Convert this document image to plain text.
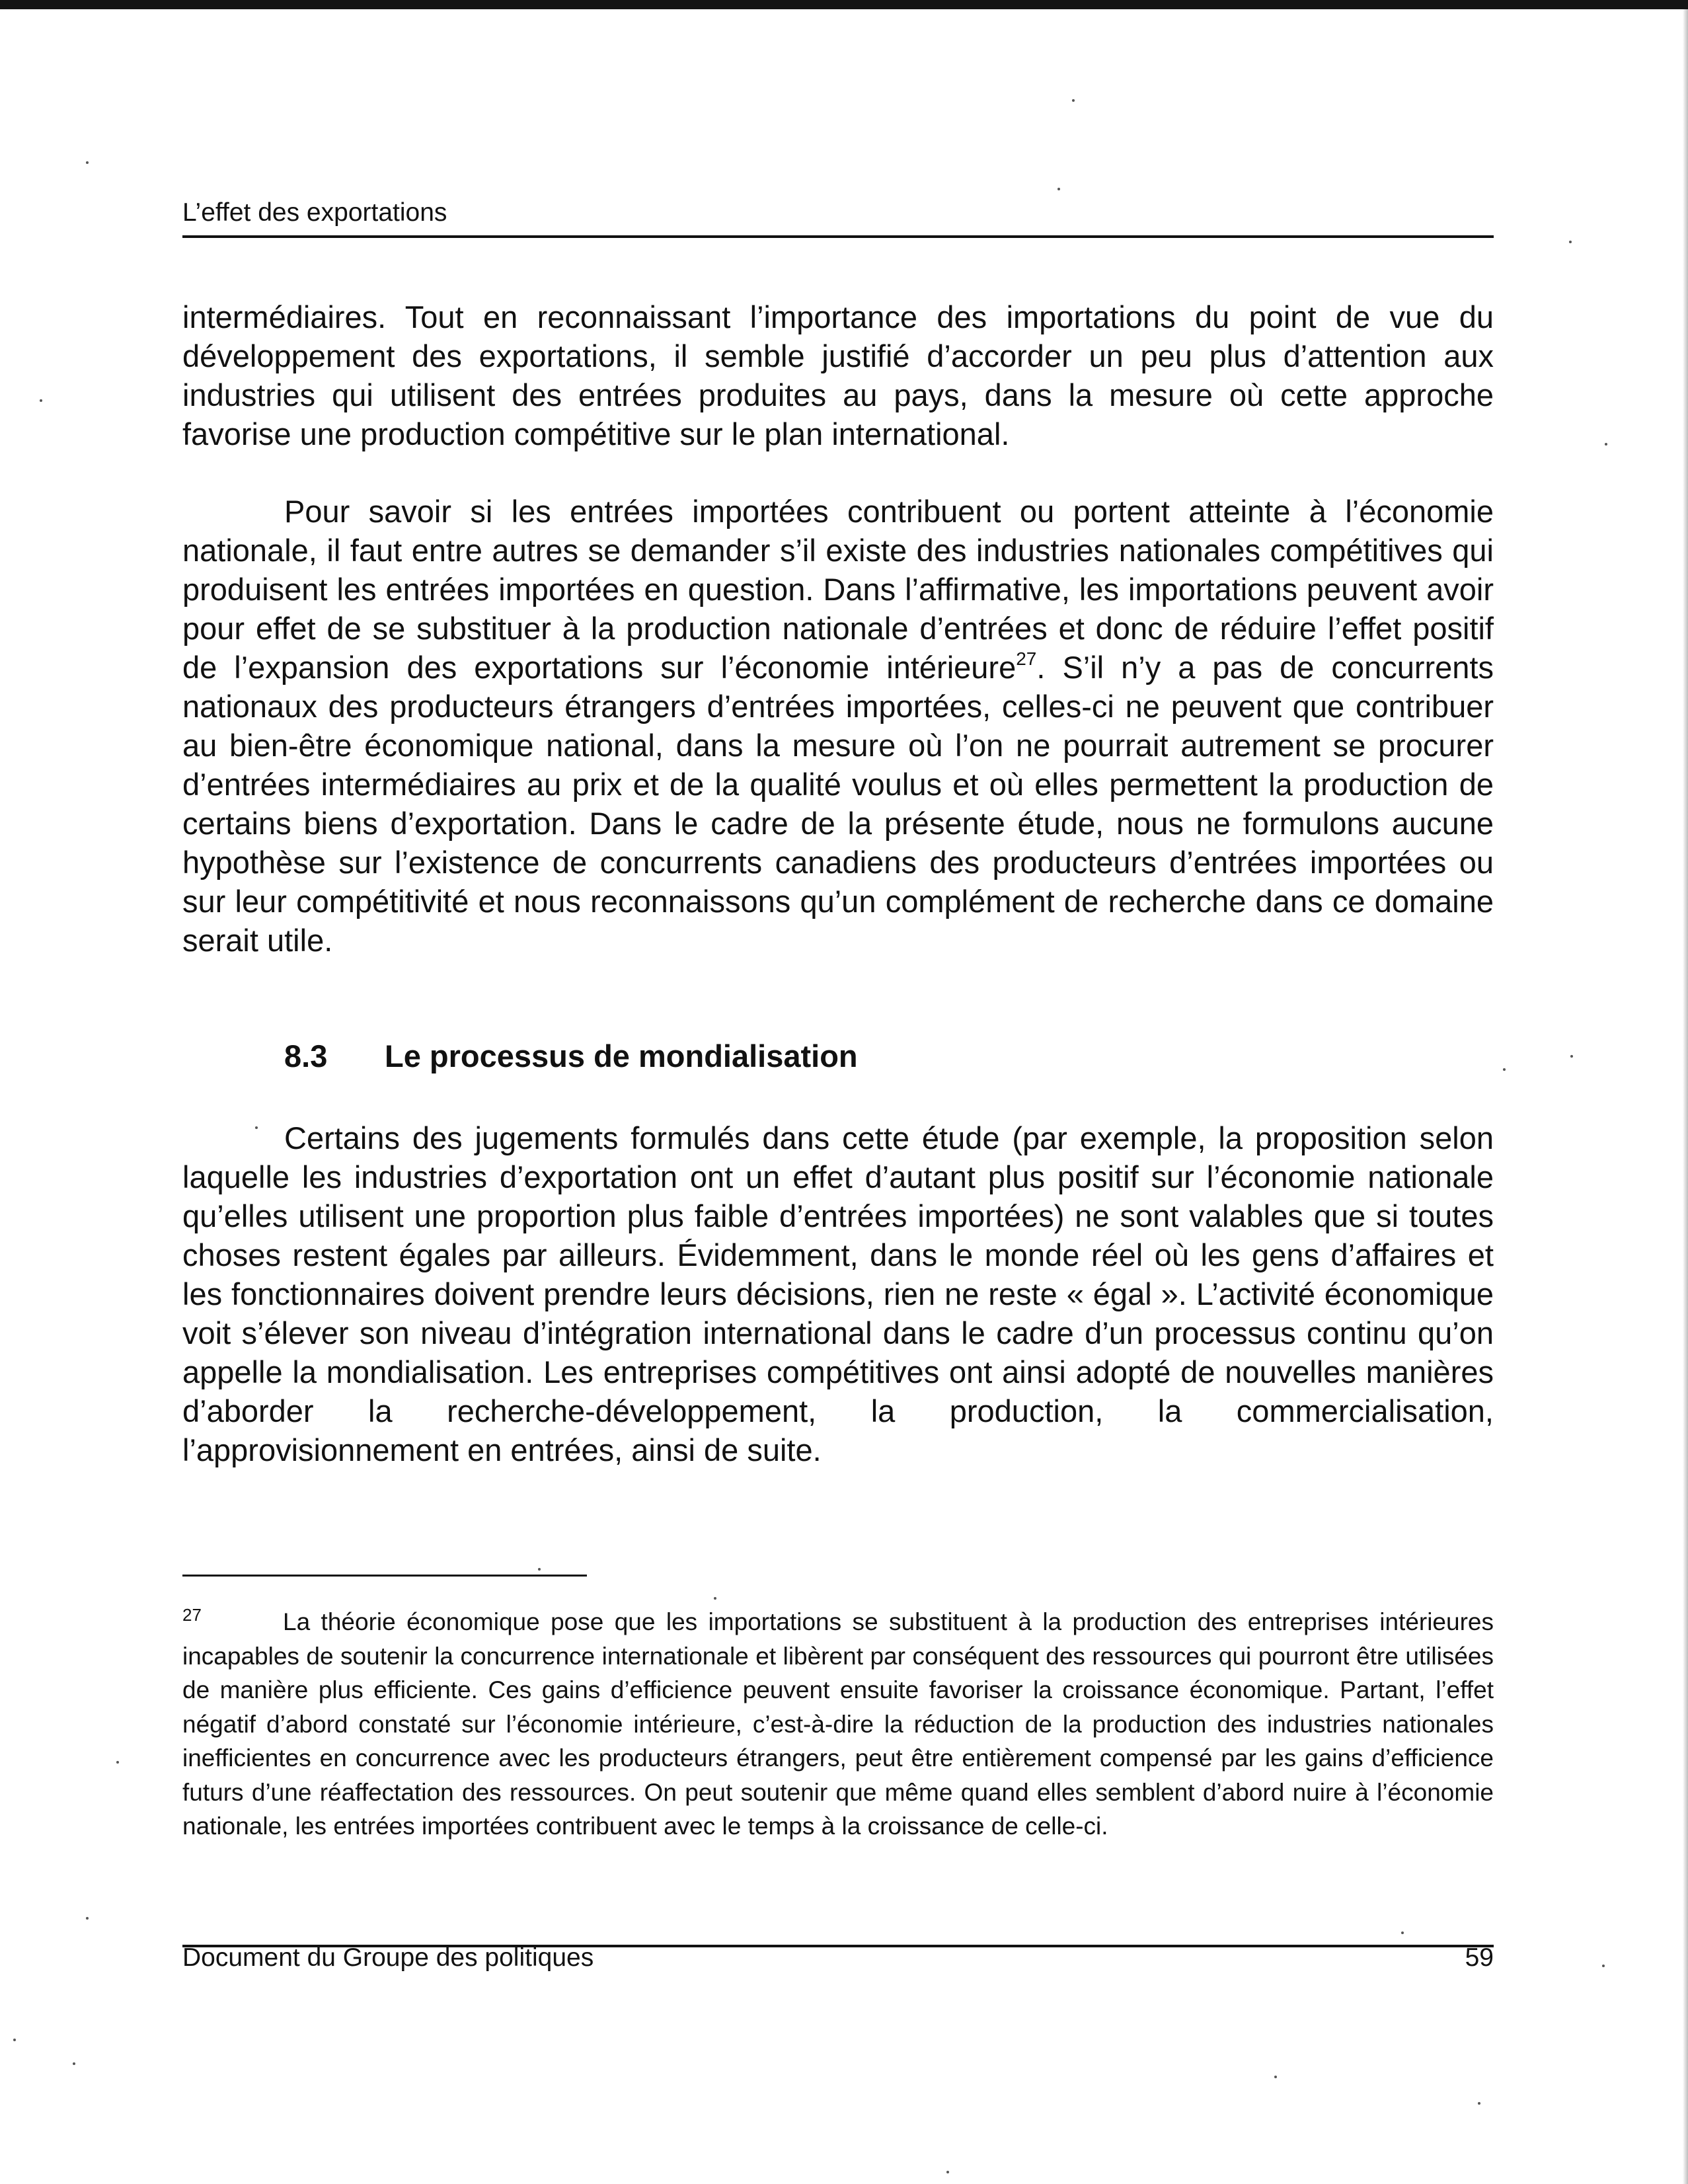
L’effet des exportations

intermédiaires. Tout en reconnaissant l’importance des importations du point de vue du développement des exportations, il semble justifié d’accorder un peu plus d’attention aux industries qui utilisent des entrées produites au pays, dans la mesure où cette approche favorise une production compétitive sur le plan international.

Pour savoir si les entrées importées contribuent ou portent atteinte à l’économie nationale, il faut entre autres se demander s’il existe des industries nationales compétitives qui produisent les entrées importées en question. Dans l’affirmative, les importations peuvent avoir pour effet de se substituer à la production nationale d’entrées et donc de réduire l’effet positif de l’expansion des exportations sur l’économie intérieure$^{27}$. S’il n’y a pas de concurrents nationaux des producteurs étrangers d’entrées importées, celles-ci ne peuvent que contribuer au bien-être économique national, dans la mesure où l’on ne pourrait autrement se procurer d’entrées intermédiaires au prix et de la qualité voulus et où elles permettent la production de certains biens d’exportation. Dans le cadre de la présente étude, nous ne formulons aucune hypothèse sur l’existence de concurrents canadiens des producteurs d’entrées importées ou sur leur compétitivité et nous reconnaissons qu’un complément de recherche dans ce domaine serait utile.

8.3 Le processus de mondialisation

Certains des jugements formulés dans cette étude (par exemple, la proposition selon laquelle les industries d’exportation ont un effet d’autant plus positif sur l’économie nationale qu’elles utilisent une proportion plus faible d’entrées importées) ne sont valables que si toutes choses restent égales par ailleurs. Évidemment, dans le monde réel où les gens d’affaires et les fonctionnaires doivent prendre leurs décisions, rien ne reste « égal ». L’activité économique voit s’élever son niveau d’intégration international dans le cadre d’un processus continu qu’on appelle la mondialisation. Les entreprises compétitives ont ainsi adopté de nouvelles manières d’aborder la recherche-développement, la production, la commercialisation, l’approvisionnement en entrées, ainsi de suite.

$^{27}$	La théorie économique pose que les importations se substituent à la production des entreprises intérieures incapables de soutenir la concurrence internationale et libèrent par conséquent des ressources qui pourront être utilisées de manière plus efficiente. Ces gains d’efficience peuvent ensuite favoriser la croissance économique. Partant, l’effet négatif d’abord constaté sur l’économie intérieure, c’est-à-dire la réduction de la production des industries nationales inefficientes en concurrence avec les producteurs étrangers, peut être entièrement compensé par les gains d’efficience futurs d’une réaffectation des ressources. On peut soutenir que même quand elles semblent d’abord nuire à l’économie nationale, les entrées importées contribuent avec le temps à la croissance de celle-ci.

Document du Groupe des politiques	59
